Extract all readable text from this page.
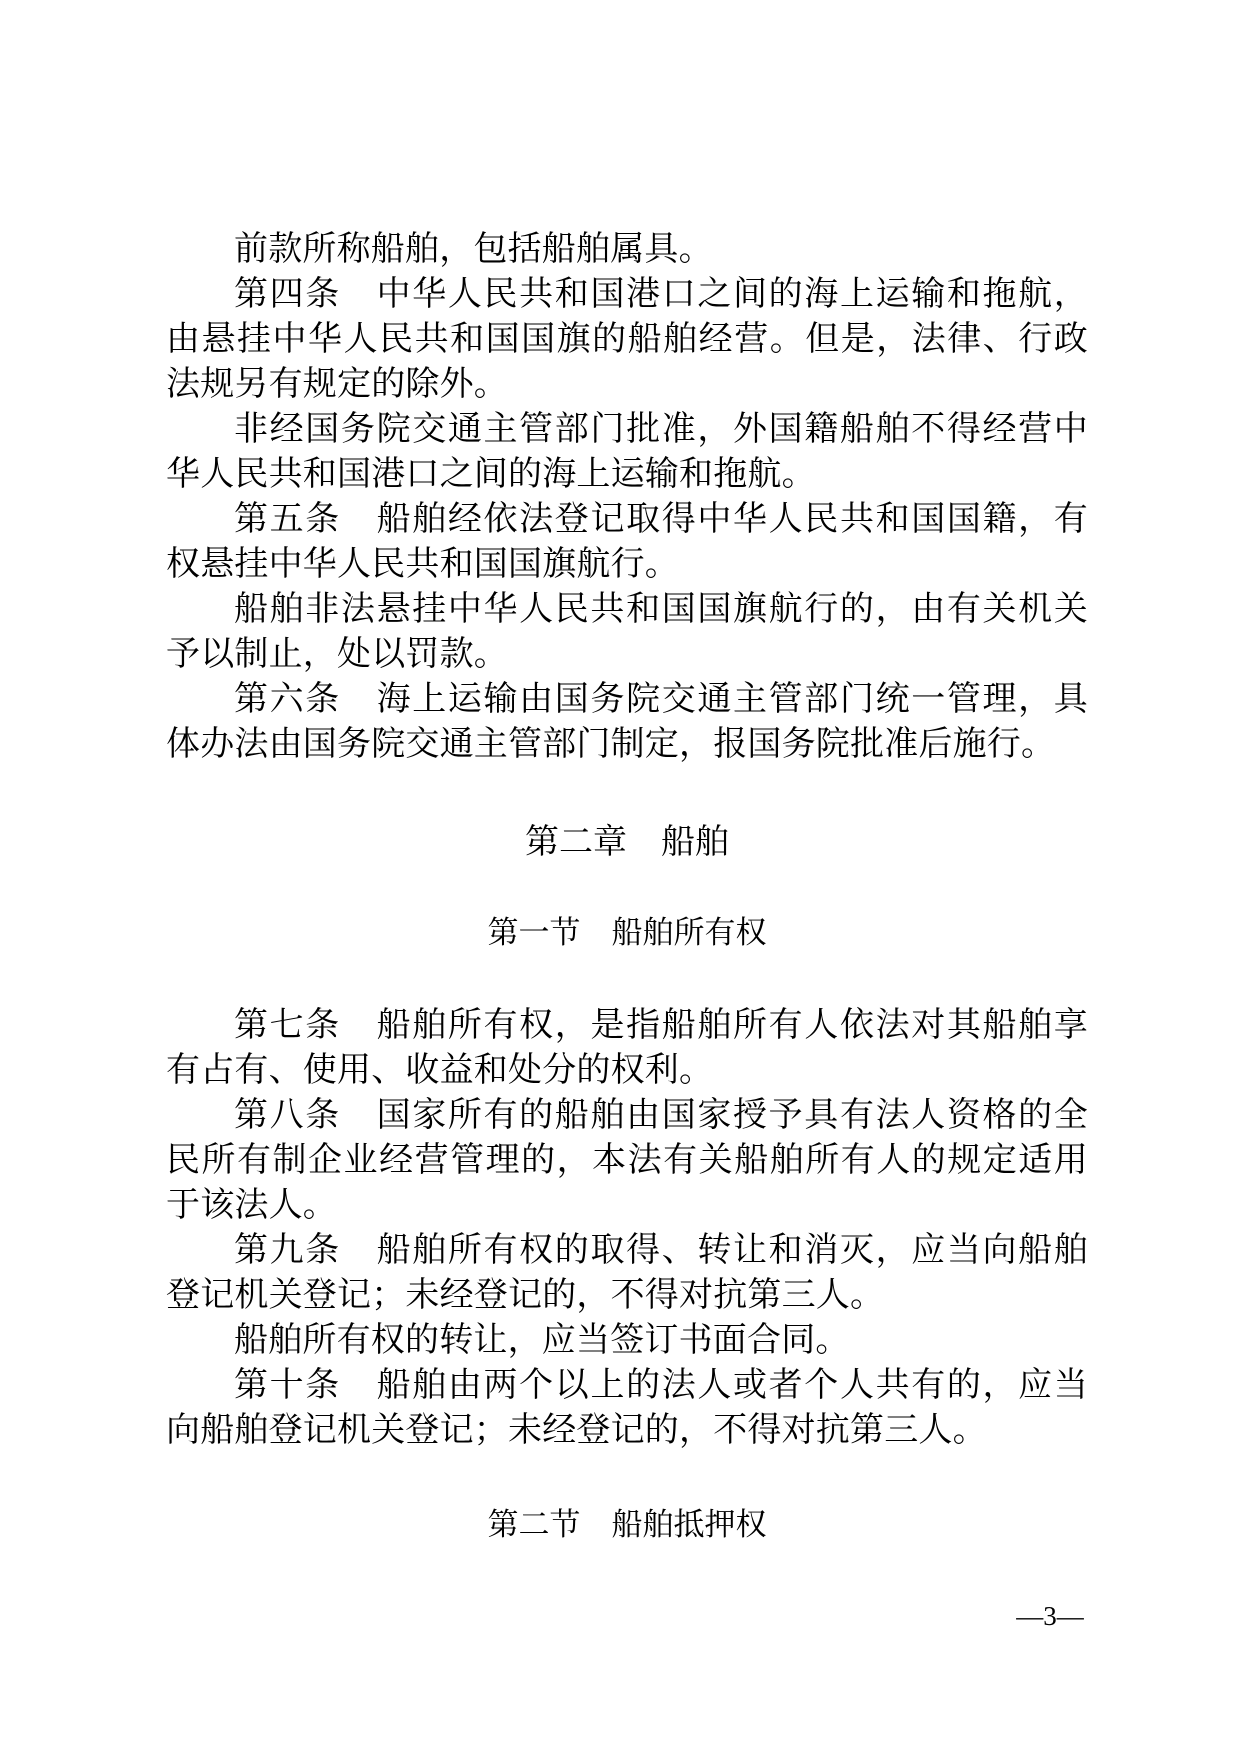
前款所称船舶，包括船舶属具。

第四条　 中华人民共和国港口之间的海上运输和拖航，由悬挂中华人民共和国国旗的船舶经营。但是，法律、行政法规另有规定的除外。

非经国务院交通主管部门批准，外国籍船舶不得经营中华人民共和国港口之间的海上运输和拖航。

第五条　 船舶经依法登记取得中华人民共和国国籍，有权悬挂中华人民共和国国旗航行。

船舶非法悬挂中华人民共和国国旗航行的，由有关机关予以制止，处以罚款。

第六条　 海上运输由国务院交通主管部门统一管理，具体办法由国务院交通主管部门制定，报国务院批准后施行。

第二章　船舶
第一节　船舶所有权

第七条　 船舶所有权，是指船舶所有人依法对其船舶享有占有、使用、收益和处分的权利。

第八条　 国家所有的船舶由国家授予具有法人资格的全民所有制企业经营管理的，本法有关船舶所有人的规定适用于该法人。

第九条　 船舶所有权的取得、转让和消灭，应当向船舶登记机关登记；未经登记的，不得对抗第三人。

船舶所有权的转让，应当签订书面合同。

第十条　 船舶由两个以上的法人或者个人共有的，应当向船舶登记机关登记；未经登记的，不得对抗第三人。

第二节　船舶抵押权
—3—
